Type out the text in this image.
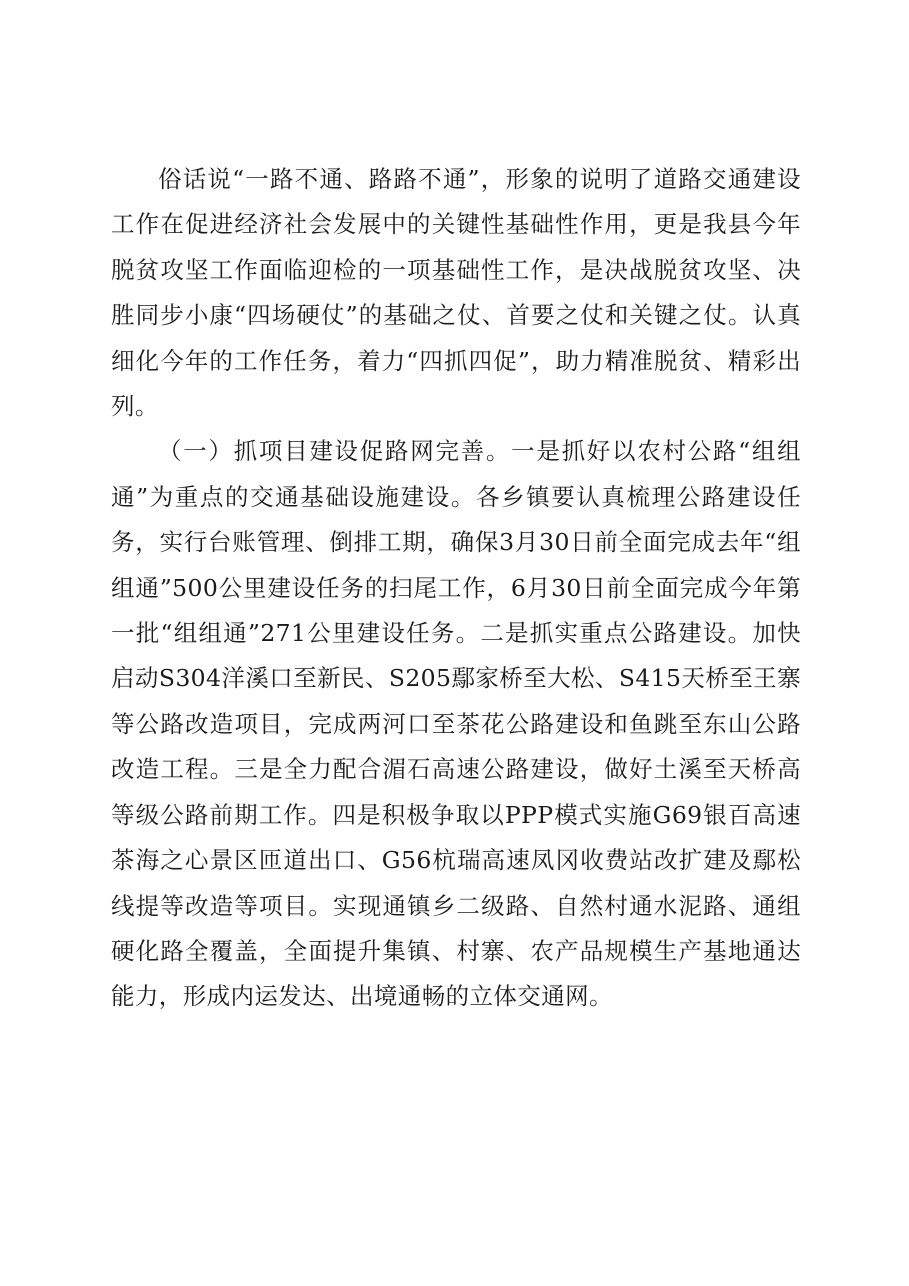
俗话说“一路不通、路路不通”，形象的说明了道路交通建设工作在促进经济社会发展中的关键性基础性作用，更是我县今年脱贫攻坚工作面临迎检的一项基础性工作，是决战脱贫攻坚、决胜同步小康“四场硬仗”的基础之仗、首要之仗和关键之仗。认真细化今年的工作任务，着力“四抓四促”，助力精准脱贫、精彩出列。

（一）抓项目建设促路网完善。一是抓好以农村公路“组组通”为重点的交通基础设施建设。各乡镇要认真梳理公路建设任务，实行台账管理、倒排工期，确保3月30日前全面完成去年“组组通”500公里建设任务的扫尾工作，6月30日前全面完成今年第一批“组组通”271公里建设任务。二是抓实重点公路建设。加快启动S304洋溪口至新民、S205鄢家桥至大松、S415天桥至王寨等公路改造项目，完成两河口至茶花公路建设和鱼跳至东山公路改造工程。三是全力配合湄石高速公路建设，做好土溪至天桥高等级公路前期工作。四是积极争取以PPP模式实施G69银百高速茶海之心景区匝道出口、G56杭瑞高速凤冈收费站改扩建及鄢松线提等改造等项目。实现通镇乡二级路、自然村通水泥路、通组硬化路全覆盖，全面提升集镇、村寨、农产品规模生产基地通达能力，形成内运发达、出境通畅的立体交通网。
